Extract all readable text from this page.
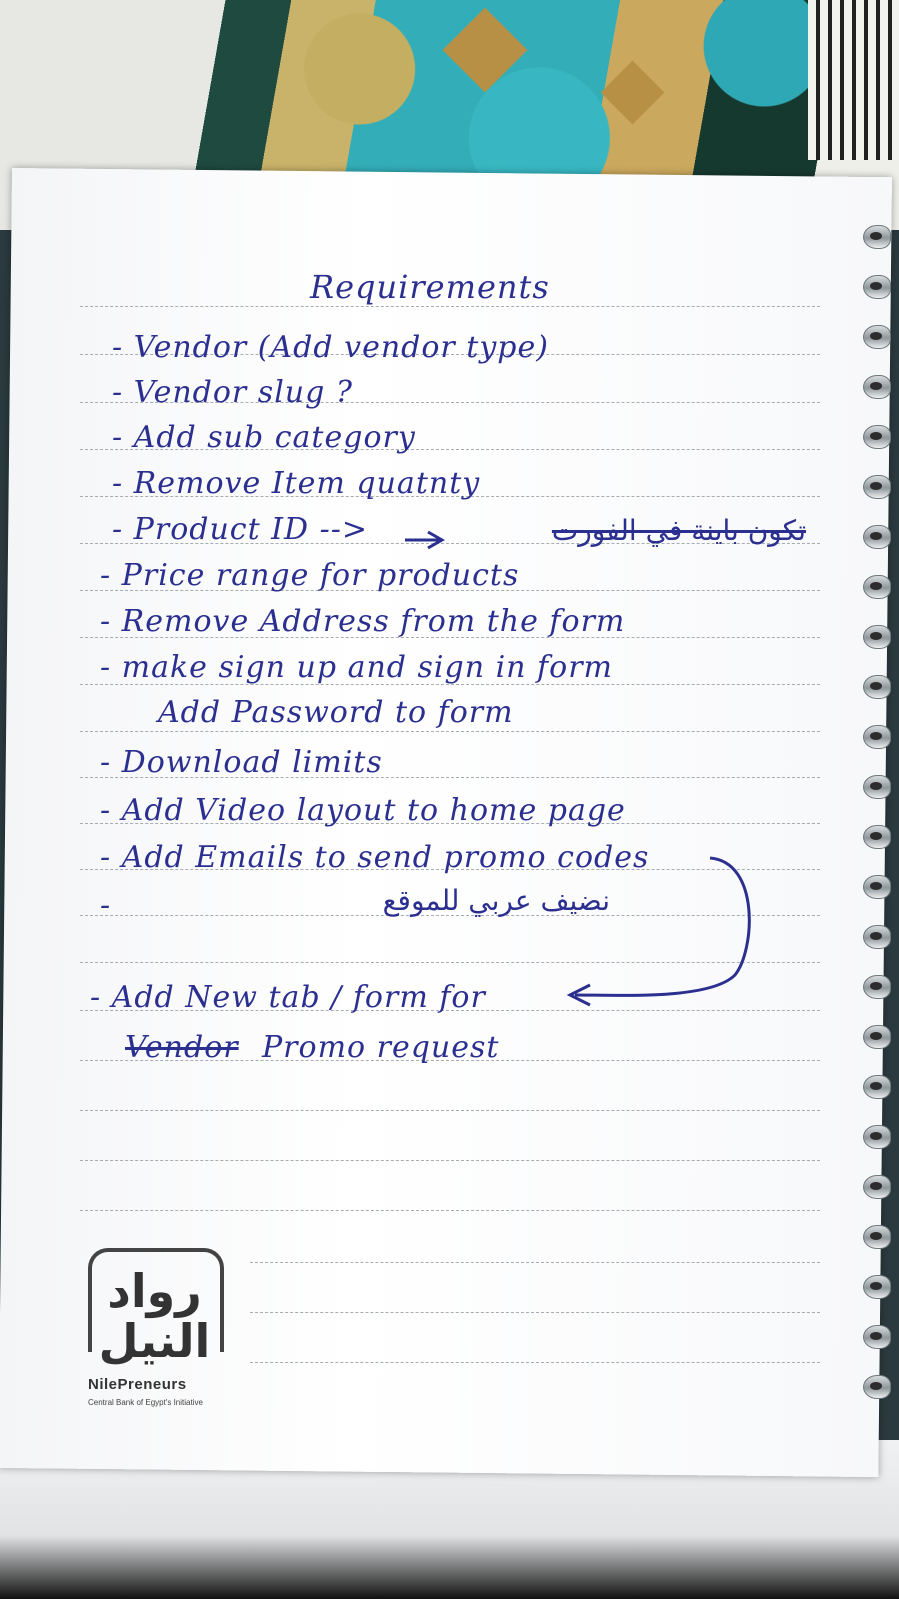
Requirements
- Vendor (Add vendor type)
- Vendor slug ?
- Add sub category
- Remove Item quatnty
- Product ID -->	تكون باينة في الفورت
- Price range for products
- Remove Address from the form
- make sign up and sign in form
Add Password to form
- Download limits
- Add Video layout to home page
- Add Emails to send promo codes
-	نضيف عربي للموقع
- Add New tab / form for
Vendor Promo request
رواد النيل
NilePreneurs
Central Bank of Egypt's Initiative
